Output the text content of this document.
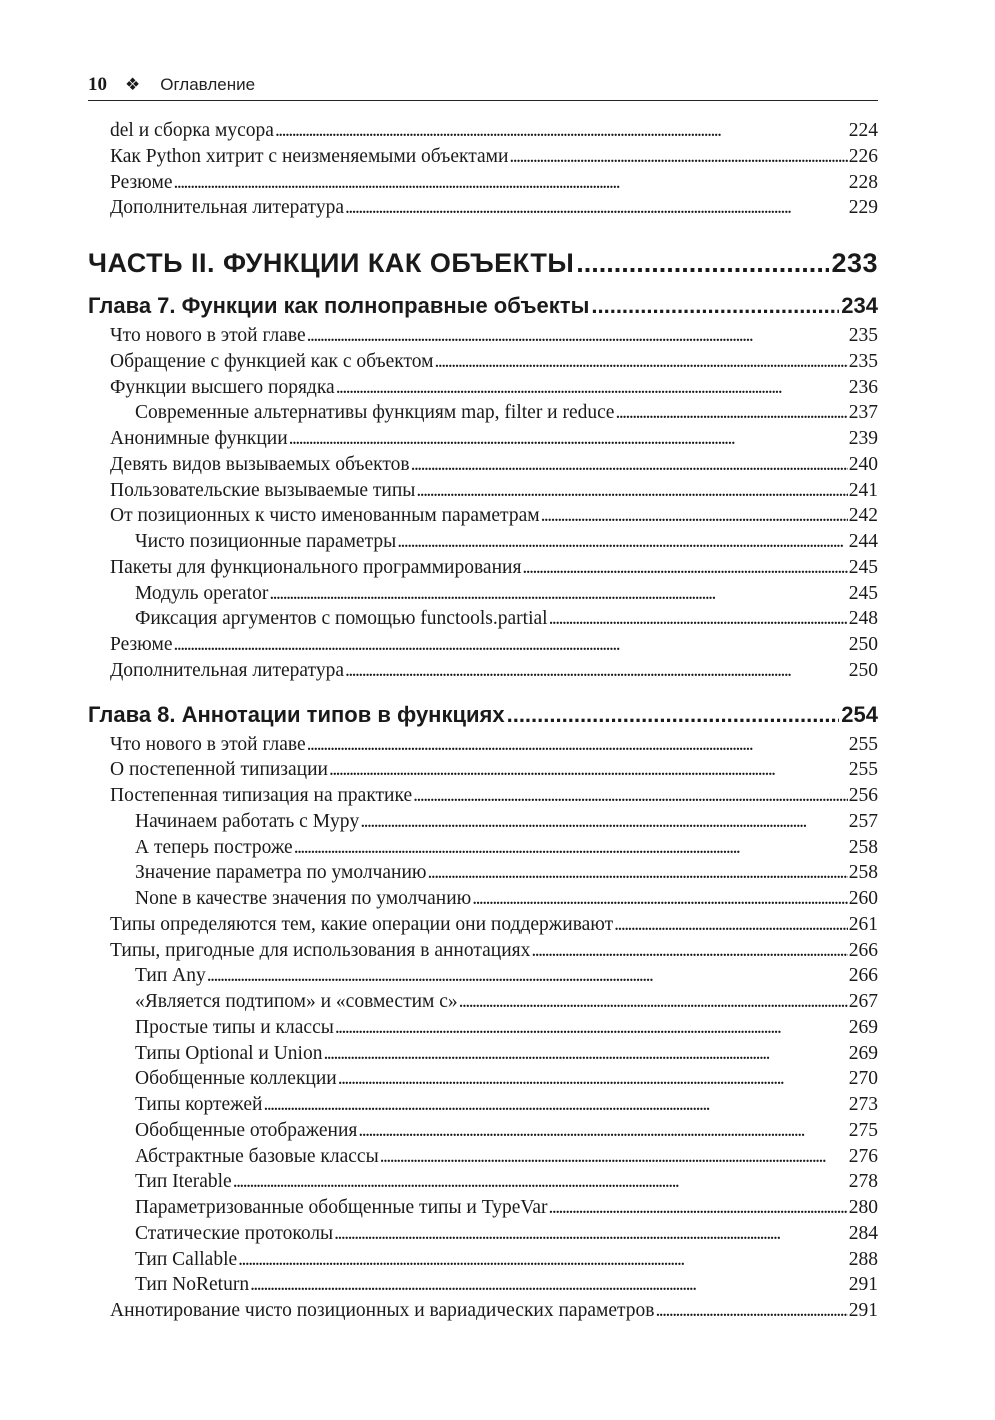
10 ❖ Оглавление
del и сборка мусора . . .	224
Как Python хитрит с неизменяемыми объектами . . .	226
Резюме . . .	228
Дополнительная литература . . .	229
ЧАСТЬ II. ФУНКЦИИ КАК ОБЪЕКТЫ .....	233
Глава 7. Функции как полноправные объекты .....	234
Что нового в этой главе . . .	235
Обращение с функцией как с объектом . . .	235
Функции высшего порядка . . .	236
Современные альтернативы функциям map, filter и reduce . . .	237
Анонимные функции . . .	239
Девять видов вызываемых объектов . . .	240
Пользовательские вызываемые типы . . .	241
От позиционных к чисто именованным параметрам . . .	242
Чисто позиционные параметры . . .	244
Пакеты для функционального программирования . . .	245
Модуль operator . . .	245
Фиксация аргументов с помощью functools.partial . . .	248
Резюме . . .	250
Дополнительная литература . . .	250
Глава 8. Аннотации типов в функциях .....	254
Что нового в этой главе . . .	255
О постепенной типизации . . .	255
Постепенная типизация на практике . . .	256
Начинаем работать с Mypy . . .	257
А теперь построже . . .	258
Значение параметра по умолчанию . . .	258
None в качестве значения по умолчанию . . .	260
Типы определяются тем, какие операции они поддерживают . . .	261
Типы, пригодные для использования в аннотациях . . .	266
Тип Any . . .	266
«Является подтипом» и «совместим с» . . .	267
Простые типы и классы . . .	269
Типы Optional и Union . . .	269
Обобщенные коллекции . . .	270
Типы кортежей . . .	273
Обобщенные отображения . . .	275
Абстрактные базовые классы . . .	276
Тип Iterable . . .	278
Параметризованные обобщенные типы и TypeVar . . .	280
Статические протоколы . . .	284
Тип Callable . . .	288
Тип NoReturn . . .	291
Аннотирование чисто позиционных и вариадических параметров . . .	291
